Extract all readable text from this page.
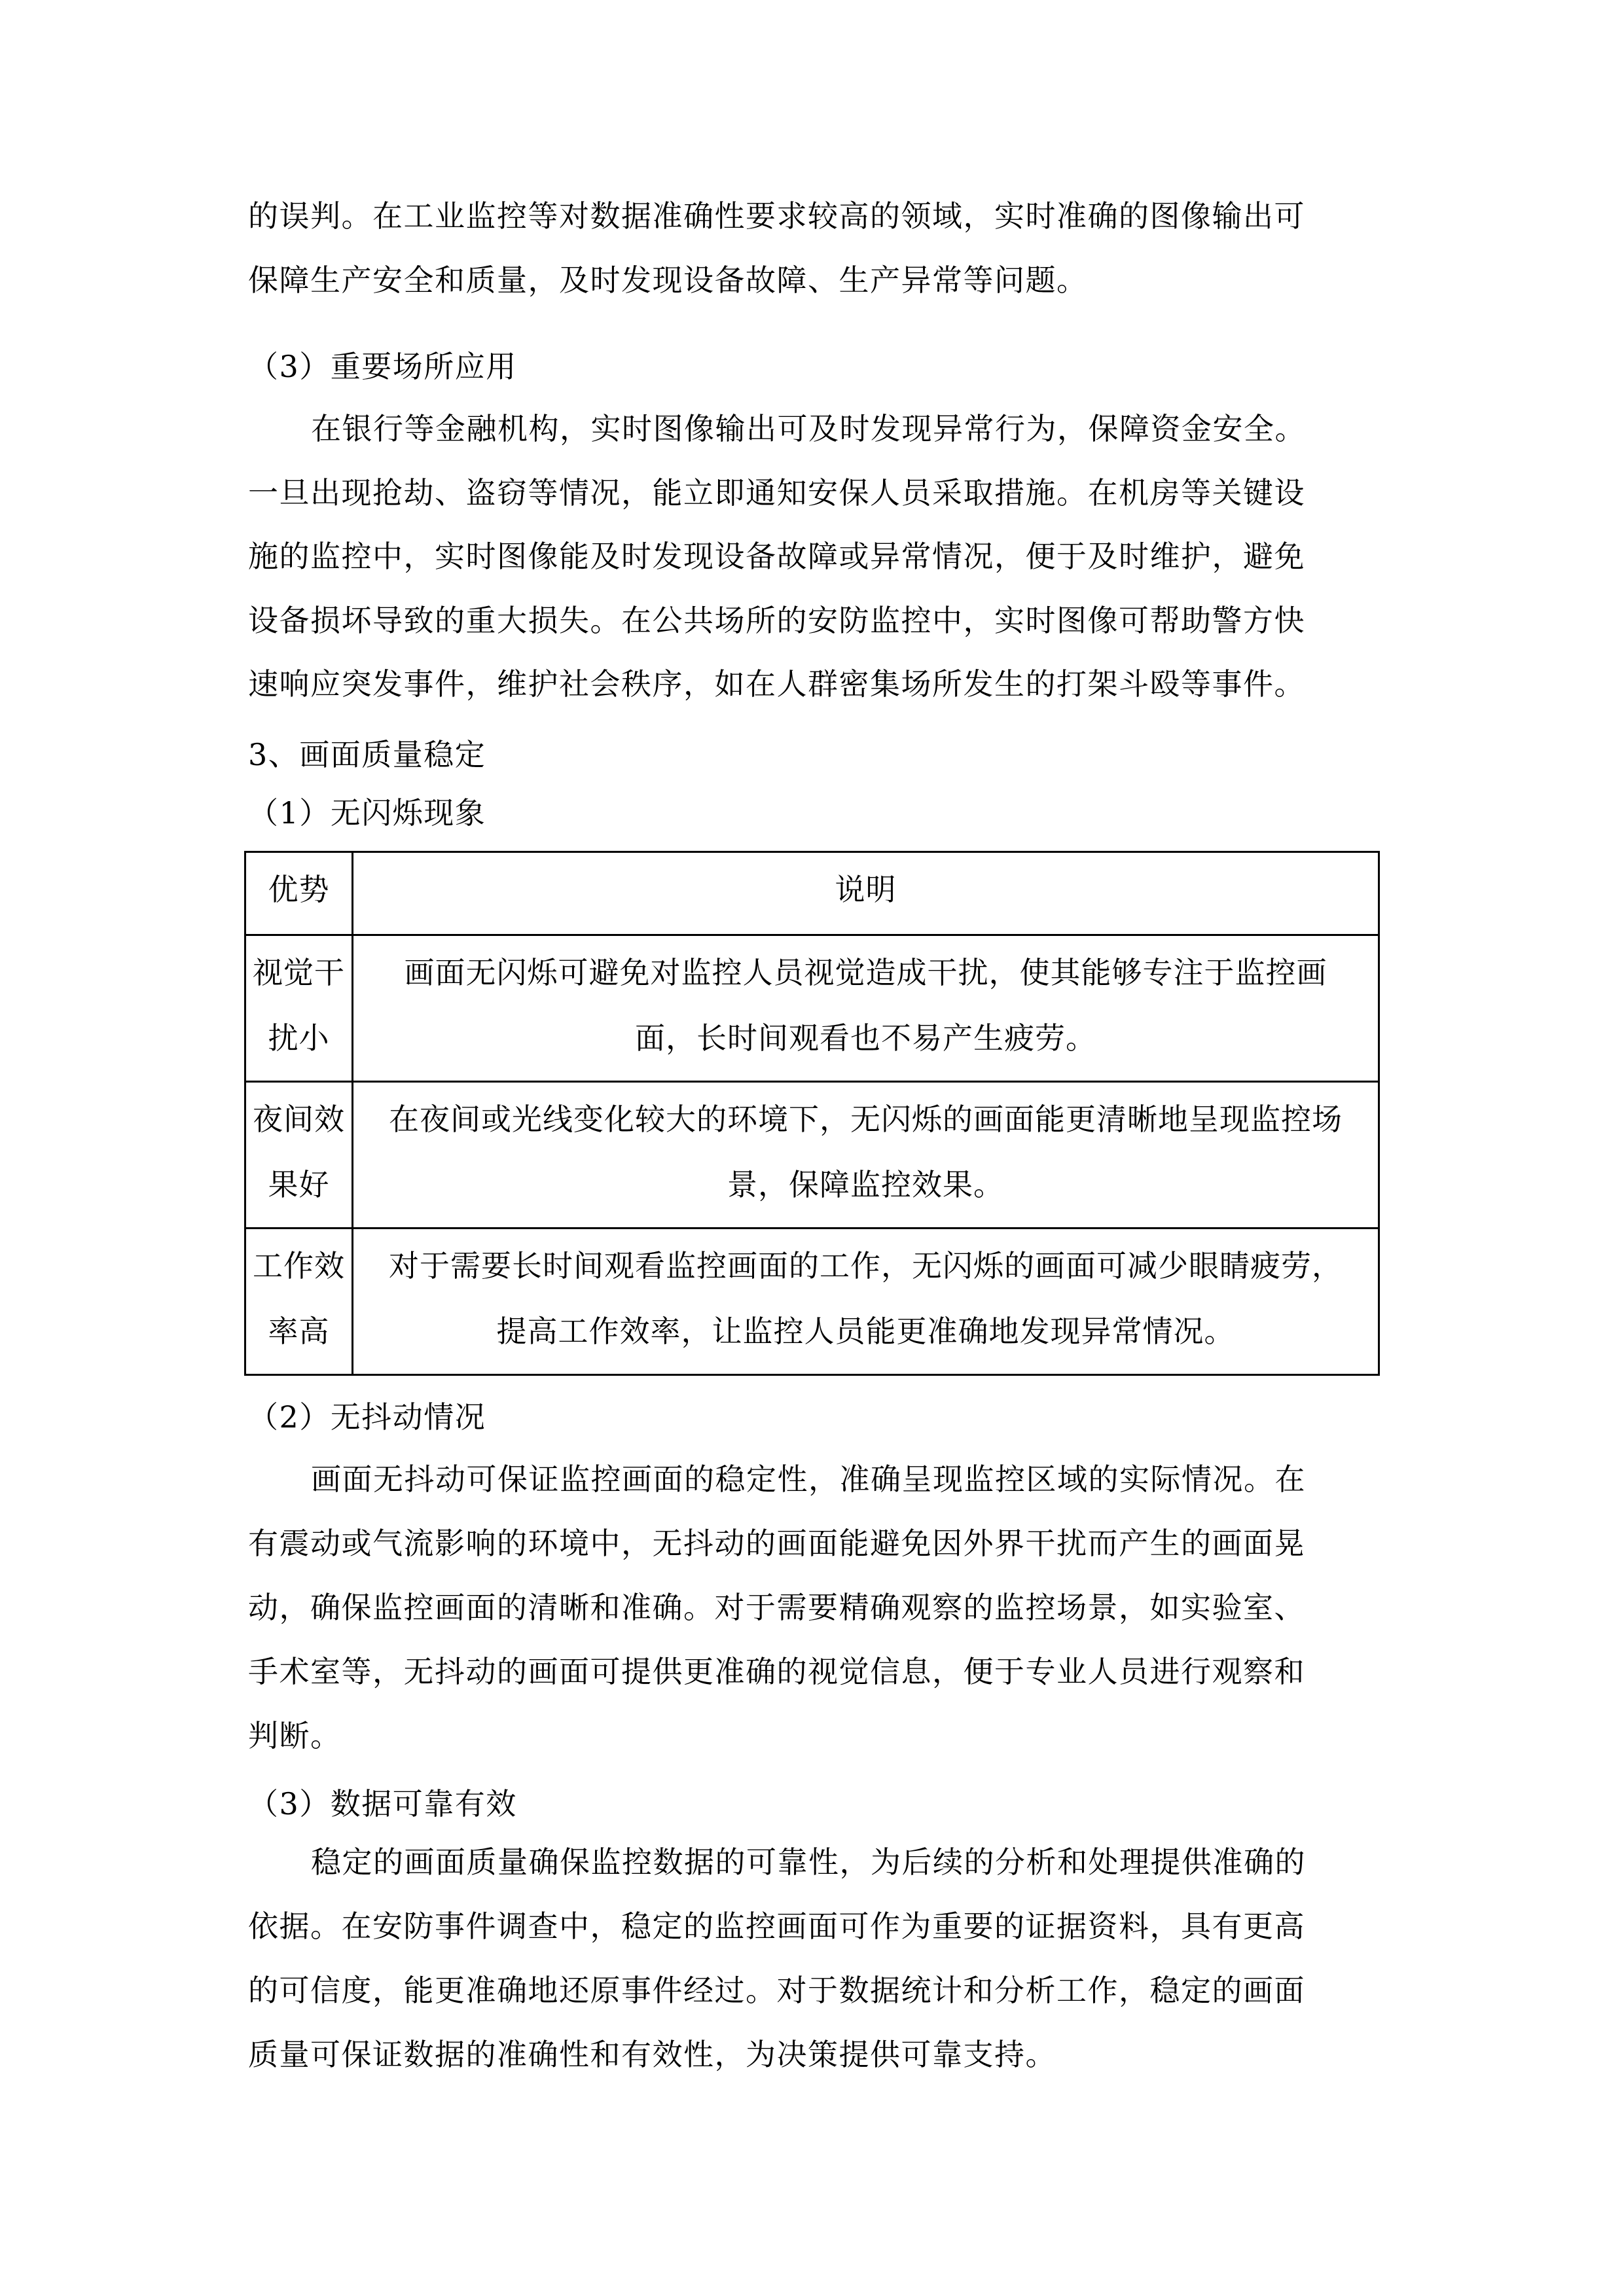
的误判。在工业监控等对数据准确性要求较高的领域，实时准确的图像输出可
保障生产安全和质量，及时发现设备故障、生产异常等问题。
（3）重要场所应用
在银行等金融机构，实时图像输出可及时发现异常行为，保障资金安全。
一旦出现抢劫、盗窃等情况，能立即通知安保人员采取措施。在机房等关键设
施的监控中，实时图像能及时发现设备故障或异常情况，便于及时维护，避免
设备损坏导致的重大损失。在公共场所的安防监控中，实时图像可帮助警方快
速响应突发事件，维护社会秩序，如在人群密集场所发生的打架斗殴等事件。
3、画面质量稳定
（1）无闪烁现象
优势	说明

视觉干
扰小	画面无闪烁可避免对监控人员视觉造成干扰，使其能够专注于监控画
面，长时间观看也不易产生疲劳。

夜间效
果好	在夜间或光线变化较大的环境下，无闪烁的画面能更清晰地呈现监控场
景，保障监控效果。

工作效
率高	对于需要长时间观看监控画面的工作，无闪烁的画面可减少眼睛疲劳，
提高工作效率，让监控人员能更准确地发现异常情况。
（2）无抖动情况
画面无抖动可保证监控画面的稳定性，准确呈现监控区域的实际情况。在
有震动或气流影响的环境中，无抖动的画面能避免因外界干扰而产生的画面晃
动，确保监控画面的清晰和准确。对于需要精确观察的监控场景，如实验室、
手术室等，无抖动的画面可提供更准确的视觉信息，便于专业人员进行观察和
判断。
（3）数据可靠有效
稳定的画面质量确保监控数据的可靠性，为后续的分析和处理提供准确的
依据。在安防事件调查中，稳定的监控画面可作为重要的证据资料，具有更高
的可信度，能更准确地还原事件经过。对于数据统计和分析工作，稳定的画面
质量可保证数据的准确性和有效性，为决策提供可靠支持。
